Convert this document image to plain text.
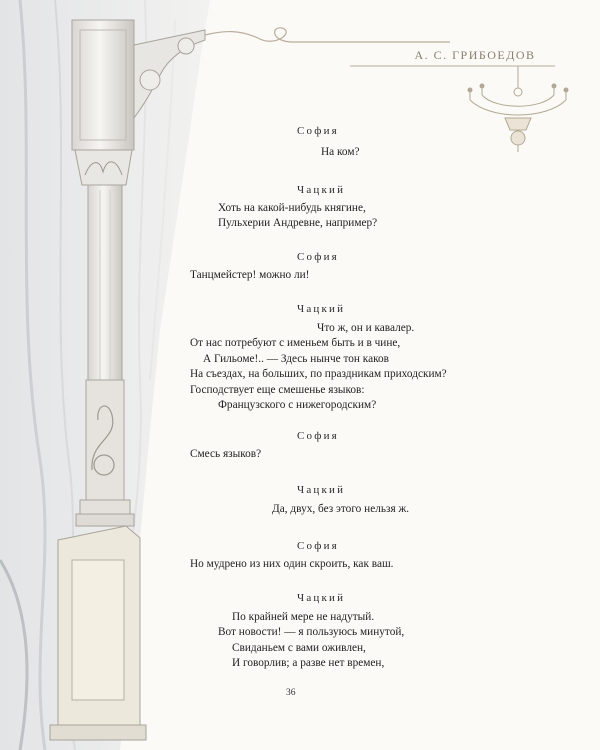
А. С. ГРИБОЕДОВ
София
На ком?
Чацкий
Хоть на какой-нибудь княгине,
Пульхерии Андревне, например?
София
Танцмейстер! можно ли!
Чацкий
Что ж, он и кавалер.
От нас потребуют с именьем быть и в чине,
А Гильоме!.. — Здесь нынче тон каков
На съездах, на больших, по праздникам приходским?
Господствует еще смешенье языков:
Французского с нижегородским?
София
Смесь языков?
Чацкий
Да, двух, без этого нельзя ж.
София
Но мудрено из них один скроить, как ваш.
Чацкий
По крайней мере не надутый.
Вот новости! — я пользуюсь минутой,
Свиданьем с вами оживлен,
И говорлив; а разве нет времен,
36
